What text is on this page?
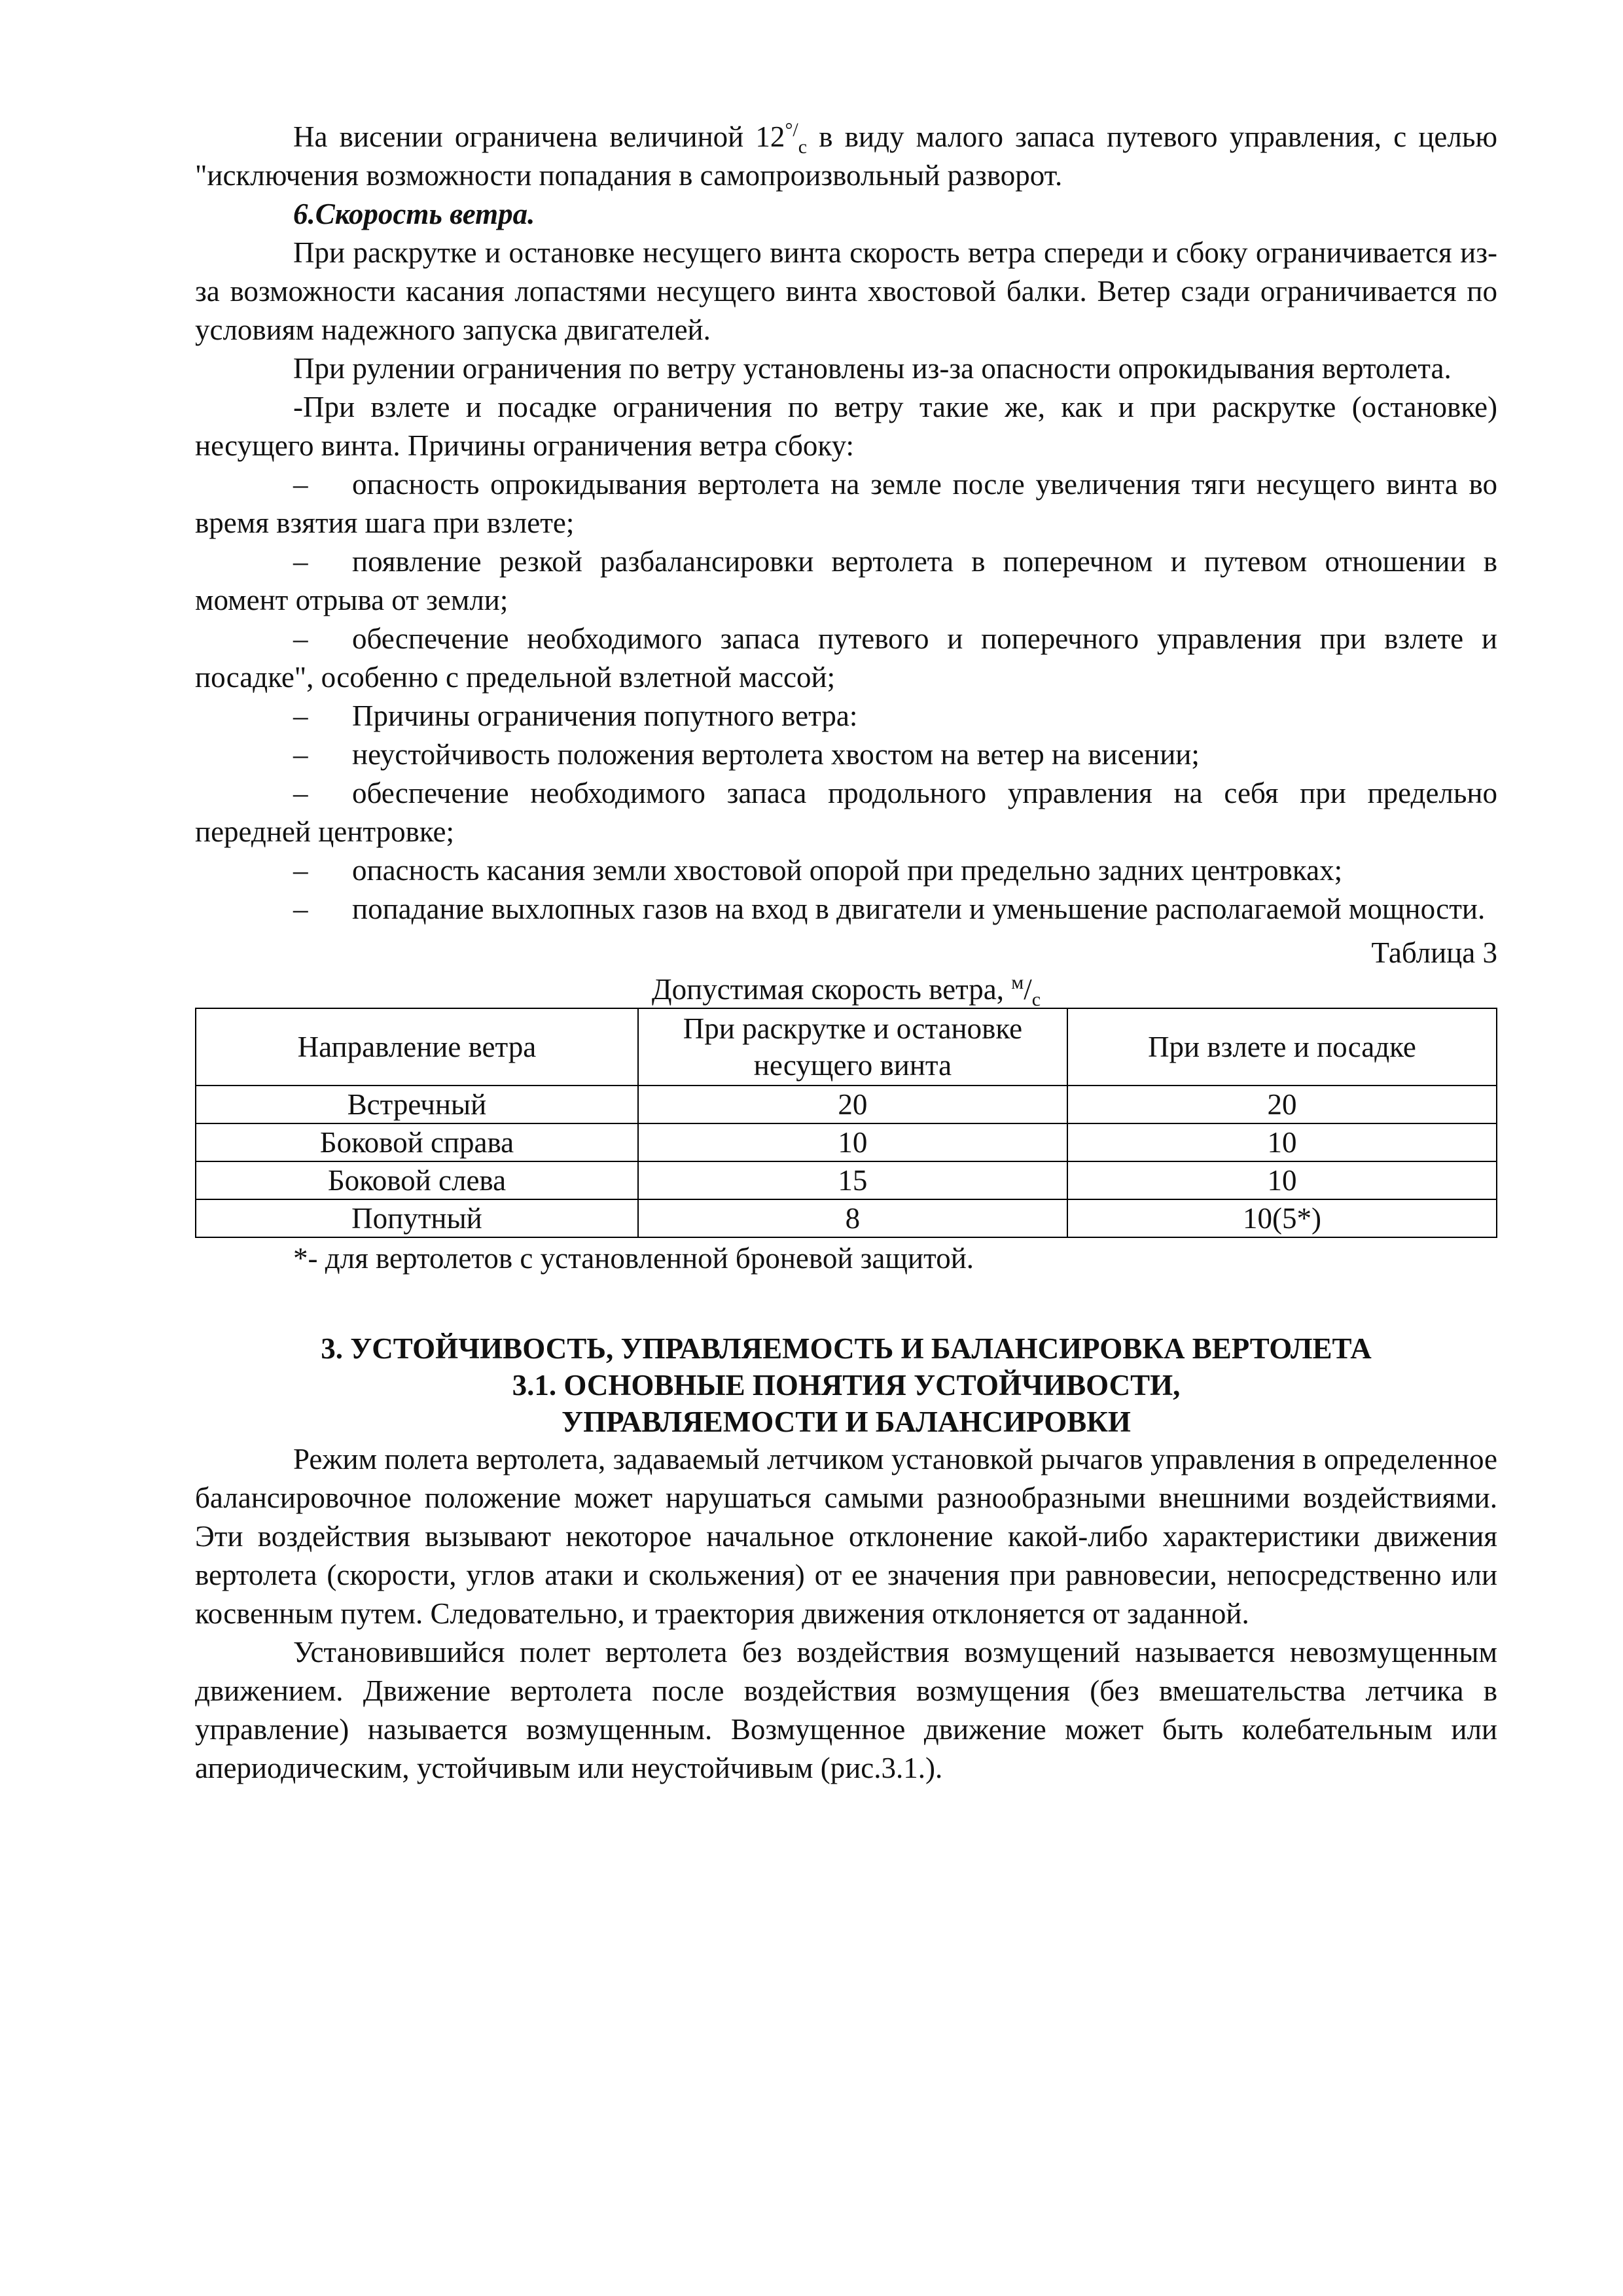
На висении ограничена величиной $12^{^\circ/}_с$ в виду малого запаса путевого управления, с целью "исключения возможности попадания в самопроизвольный разворот.

6.Скорость ветра.

При раскрутке и остановке несущего винта скорость ветра спереди и сбоку ограничивается из-за возможности касания лопастями несущего винта хвостовой балки. Ветер сзади ограничивается по условиям надежного запуска двигателей.

При рулении ограничения по ветру установлены из-за опасности опрокидывания вертолета.

-При взлете и посадке ограничения по ветру такие же, как и при раскрутке (остановке) несущего винта. Причины ограничения ветра сбоку:

– опасность опрокидывания вертолета на земле после увеличения тяги несущего винта во время взятия шага при взлете;

– появление резкой разбалансировки вертолета в поперечном и путевом отношении в момент отрыва от земли;

– обеспечение необходимого запаса путевого и поперечного управления при взлете и посадке", особенно с предельной взлетной массой;

– Причины ограничения попутного ветра:

– неустойчивость положения вертолета хвостом на ветер на висении;

– обеспечение необходимого запаса продольного управления на себя при предельно передней центровке;

– опасность касания земли хвостовой опорой при предельно задних центровках;

– попадание выхлопных газов на вход в двигатели и уменьшение располагаемой мощности.

Таблица 3

Допустимая скорость ветра, $^м/_с$

Направление ветра	При раскрутке и остановке несущего винта	При взлете и посадке
Встречный	20	20
Боковой справа	10	10
Боковой слева	15	10
Попутный	8	10(5*)

*- для вертолетов с установленной броневой защитой.

3. УСТОЙЧИВОСТЬ, УПРАВЛЯЕМОСТЬ И БАЛАНСИРОВКА ВЕРТОЛЕТА
3.1. ОСНОВНЫЕ ПОНЯТИЯ УСТОЙЧИВОСТИ,
УПРАВЛЯЕМОСТИ И БАЛАНСИРОВКИ

Режим полета вертолета, задаваемый летчиком установкой рычагов управления в определенное балансировочное положение может нарушаться самыми разнообразными внешними воздействиями. Эти воздействия вызывают некоторое начальное отклонение какой-либо характеристики движения вертолета (скорости, углов атаки и скольжения) от ее значения при равновесии, непосредственно или косвенным путем. Следовательно, и траектория движения отклоняется от заданной.

Установившийся полет вертолета без воздействия возмущений называется невозмущенным движением. Движение вертолета после воздействия возмущения (без вмешательства летчика в управление) называется возмущенным. Возмущенное движение может быть колебательным или апериодическим, устойчивым или неустойчивым (рис.3.1.).
